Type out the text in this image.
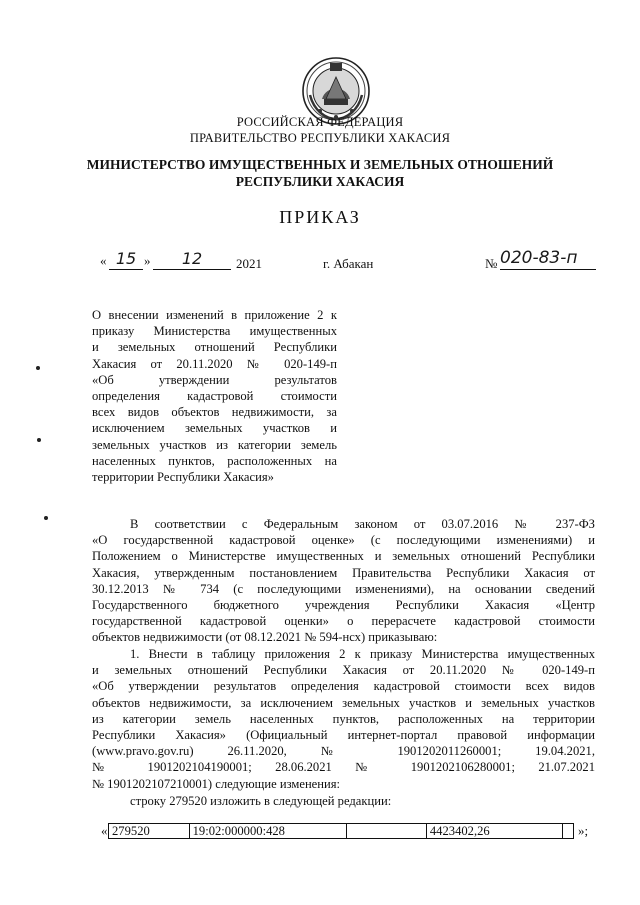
РОССИЙСКАЯ ФЕДЕРАЦИЯ
ПРАВИТЕЛЬСТВО РЕСПУБЛИКИ ХАКАСИЯ
МИНИСТЕРСТВО ИМУЩЕСТВЕННЫХ И ЗЕМЕЛЬНЫХ ОТНОШЕНИЙ
РЕСПУБЛИКИ ХАКАСИЯ
ПРИКАЗ
« 15 »	12	2021	г. Абакан	№ 020-83-п
О внесении изменений в приложение 2 к
приказу Министерства имущественных
и земельных отношений Республики
Хакасия от 20.11.2020 № 020-149-п
«Об утверждении результатов
определения кадастровой стоимости
всех видов объектов недвижимости, за
исключением земельных участков и
земельных участков из категории земель
населенных пунктов, расположенных на
территории Республики Хакасия»
В соответствии с Федеральным законом от 03.07.2016 № 237-ФЗ
«О государственной кадастровой оценке» (с последующими изменениями) и
Положением о Министерстве имущественных и земельных отношений Республики
Хакасия, утвержденным постановлением Правительства Республики Хакасия от
30.12.2013 № 734 (с последующими изменениями), на основании сведений
Государственного бюджетного учреждения Республики Хакасия «Центр
государственной кадастровой оценки» о перерасчете кадастровой стоимости
объектов недвижимости (от 08.12.2021 № 594-нсх) приказываю:
1. Внести в таблицу приложения 2 к приказу Министерства имущественных
и земельных отношений Республики Хакасия от 20.11.2020 № 020-149-п
«Об утверждении результатов определения кадастровой стоимости всех видов
объектов недвижимости, за исключением земельных участков и земельных участков
из категории земель населенных пунктов, расположенных на территории
Республики Хакасия» (Официальный интернет-портал правовой информации
(www.pravo.gov.ru) 26.11.2020, № 1901202011260001; 19.04.2021,
№ 1901202104190001; 28.06.2021 № 1901202106280001; 21.07.2021
№ 1901202107210001) следующие изменения:
строку 279520 изложить в следующей редакции:
« 279520	19:02:000000:428		4423402,26		»;
